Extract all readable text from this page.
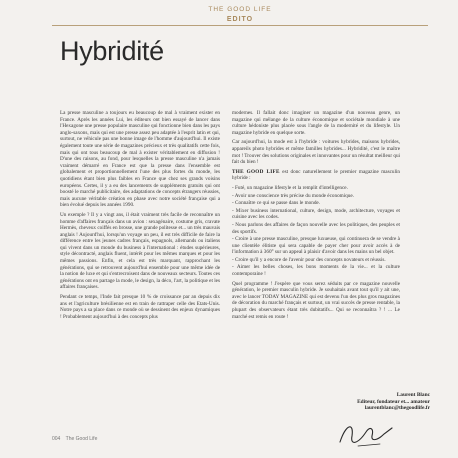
THE GOOD LIFE
EDITO
Hybridité

La presse masculine a toujours eu beaucoup de mal à vraiment exister en France. Après les années Lui, les éditeurs ont bien essayé de lancer dans l'Hexagone une presse populaire masculine qui fonctionne bien dans les pays anglo-saxons, mais qui est une presse assez peu adaptée à l'esprit latin et qui, surtout, ne véhicule pas une bonne image de l'homme d'aujourd'hui. Il existe également toute une série de magazines précieux et très qualitatifs cette fois, mais qui ont tous beaucoup de mal à exister véritablement en diffusion ! D'une des raisons, au fond, pour lesquelles la presse masculine n'a jamais vraiment démarré en France est que la presse dans l'ensemble est globalement et proportionnellement l'une des plus fortes du monde, les quotidiens étant bien plus faibles en France que chez ses grands voisins européens. Certes, il y a eu des lancements de suppléments gratuits qui ont boosté le marché publicitaire, des adaptations de concepts étrangers réussies, mais aucune véritable création en phase avec notre société française qui a bien évolué depuis les années 1990.

Un exemple ? Il y a vingt ans, il était vraiment très facile de reconnaître un homme d'affaires français dans un avion : sexagénaire, costume gris, cravate Hermès, cheveux coiffés en brosse, une grande politesse et... un très mauvais anglais ! Aujourd'hui, lorsqu'un voyage un peu, il est très difficile de faire la différence entre les jeunes cadres français, espagnols, allemands ou italiens qui vivent dans un monde du business à l'international : études supérieures, style décontracté, anglais fluent, intérêt pour les mêmes marques et pour les mêmes passions. Enfin, et cela est très marquant, rapprochant les générations, qui se retrouvent aujourd'hui ensemble pour une même idée de la notion de luxe et qui s'entrecroisent dans de nouveaux secteurs. Toutes ces générations ont en partage la mode, le design, la déco, l'art, la politique et les affaires françaises.

Pendant ce temps, l'Inde fait presque 10 % de croissance par an depuis dix ans et l'agriculture brésilienne est en train de rattraper celle des Etats-Unis. Notre pays a sa place dans ce monde où se dessinent des enjeux dynamiques ! Probablement aujourd'hui à des concepts plus

modernes. Il fallait donc imaginer un magazine d'un nouveau genre, un magazine qui mélange de la culture économique et sociétale mondiale à une culture hédoniste plus placée sous l'angle de la modernité et du lifestyle. Un magazine hybride en quelque sorte.

Car aujourd'hui, la mode est à l'hybride : voitures hybrides, maisons hybrides, appareils photo hybrides et même familles hybrides... Hybridité, c'est le maître mot ! Trouver des solutions originales et innovantes pour un résultat meilleur qui fait du bien !

THE GOOD LIFE est donc naturellement le premier magazine masculin hybride :

- Futé, un magazine lifestyle et la remplit d'intelligence.
- Avoir une conscience très précise du monde économique.
- Connaître ce qui se passe dans le monde.
- Mixer business international, culture, design, mode, architecture, voyages et cuisine avec les codes.
- Nous parlons des affaires de façon nouvelle avec les politiques, des peuples et des sportifs.
- Croire à une presse masculine, presque luxueuse, qui continuera de se vendre à une clientèle élitiste qui sera capable de payer cher pour avoir accès à de l'information à 360° sur un appeal à plaisir d'avoir dans les mains un bel objet.
- Croire qu'il y a encore de l'avenir pour des concepts novateurs et réussis.
- Aimer les belles choses, les bons moments de la vie... et la culture contemporaine !

Quel programme ! J'espère que vous serez séduits par ce magazine nouvelle génération, le premier masculin hybride. Je souhaitais avant tout qu'il y ait une, avec le lancer TODAY MAGAZINE qui est devenu l'un des plus gros magazines de décoration du marché français et surtout, un vrai succès de presse rentable, la plupart des observateurs étant très dubitatifs... Qui se reconnaîtra ? ! ... Le marché est remis en route !

Laurent Blanc
Editeur, fondateur et... amateur
laurentblanc@thegoodlife.fr
004 The Good Life
